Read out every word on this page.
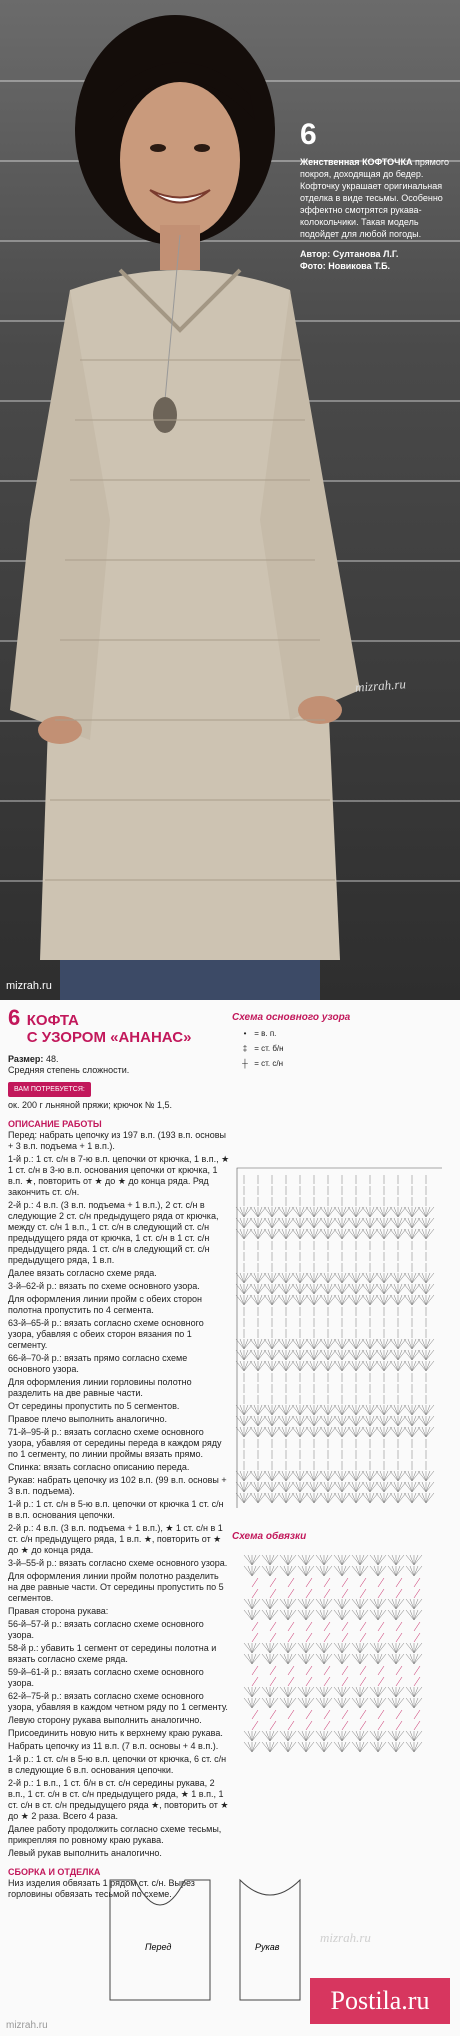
6

Женственная КОФТОЧКА прямого покроя, доходящая до бедер. Кофточку украшает оригинальная отделка в виде тесьмы. Особенно эффектно смотрятся рукава-колокольчики. Такая модель подойдет для любой погоды.

Автор: Султанова Л.Г.
Фото: Новикова Т.Б.
mizrah.ru
mizrah.ru
6 КОФТА
С УЗОРОМ «АНАНАС»
Размер: 48.
Средняя степень сложности.
ВАМ ПОТРЕБУЕТСЯ:
ок. 200 г льняной пряжи; крючок № 1,5.
ОПИСАНИЕ РАБОТЫ
Перед: набрать цепочку из 197 в.п. (193 в.п. основы + 3 в.п. подъема + 1 в.п.).
1-й р.: 1 ст. с/н в 7-ю в.п. цепочки от крючка, 1 в.п., ★ 1 ст. с/н в 3-ю в.п. основания цепочки от крючка, 1 в.п. ★, повторить от ★ до ★ до конца ряда. Ряд закончить ст. с/н.
2-й р.: 4 в.п. (3 в.п. подъема + 1 в.п.), 2 ст. с/н в следующие 2 ст. с/н предыдущего ряда от крючка, между ст. с/н 1 в.п., 1 ст. с/н в следующий ст. с/н предыдущего ряда от крючка, 1 ст. с/н в 1 ст. с/н предыдущего ряда. 1 ст. с/н в следующий ст. с/н предыдущего ряда, 1 в.п.
Далее вязать согласно схеме ряда.
3-й–62-й р.: вязать по схеме основного узора.
Для оформления линии пройм с обеих сторон полотна пропустить по 4 сегмента.
63-й–65-й р.: вязать согласно схеме основного узора, убавляя с обеих сторон вязания по 1 сегменту.
66-й–70-й р.: вязать прямо согласно схеме основного узора.
Для оформления линии горловины полотно разделить на две равные части.
От середины пропустить по 5 сегментов.
Правое плечо выполнить аналогично.
71-й–95-й р.: вязать согласно схеме основного узора, убавляя от середины переда в каждом ряду по 1 сегменту, по линии проймы вязать прямо.
Спинка: вязать согласно описанию переда.
Рукав: набрать цепочку из 102 в.п. (99 в.п. основы + 3 в.п. подъема).
1-й р.: 1 ст. с/н в 5-ю в.п. цепочки от крючка 1 ст. с/н в в.п. основания цепочки.
2-й р.: 4 в.п. (3 в.п. подъема + 1 в.п.), ★ 1 ст. с/н в 1 ст. с/н предыдущего ряда, 1 в.п. ★, повторить от ★ до ★ до конца ряда.
3-й–55-й р.: вязать согласно схеме основного узора.
Для оформления линии пройм полотно разделить на две равные части. От середины пропустить по 5 сегментов.
Правая сторона рукава:
56-й–57-й р.: вязать согласно схеме основного узора.
58-й р.: убавить 1 сегмент от середины полотна и вязать согласно схеме ряда.
59-й–61-й р.: вязать согласно схеме основного узора.
62-й–75-й р.: вязать согласно схеме основного узора, убавляя в каждом четном ряду по 1 сегменту.
Левую сторону рукава выполнить аналогично.
Присоединить новую нить к верхнему краю рукава.
Набрать цепочку из 11 в.п. (7 в.п. основы + 4 в.п.).
1-й р.: 1 ст. с/н в 5-ю в.п. цепочки от крючка, 6 ст. с/н в следующие 6 в.п. основания цепочки.
2-й р.: 1 в.п., 1 ст. б/н в ст. с/н середины рукава, 2 в.п., 1 ст. с/н в ст. с/н предыдущего ряда, ★ 1 в.п., 1 ст. с/н в ст. с/н предыдущего ряда ★, повторить от ★ до ★ 2 раза. Всего 4 раза.
Далее работу продолжить согласно схеме тесьмы, прикрепляя по ровному краю рукава.
Левый рукав выполнить аналогично.
СБОРКА И ОТДЕЛКА
Низ изделия обвязать 1 рядом ст. с/н. Вырез горловины обвязать тесьмой по схеме.
Схема основного узора
• = в. п.
‡ = ст. б/н
┼ = ст. с/н
Схема обвязки
Перед	Рукав
mizrah.ru
Postila.ru
mizrah.ru
